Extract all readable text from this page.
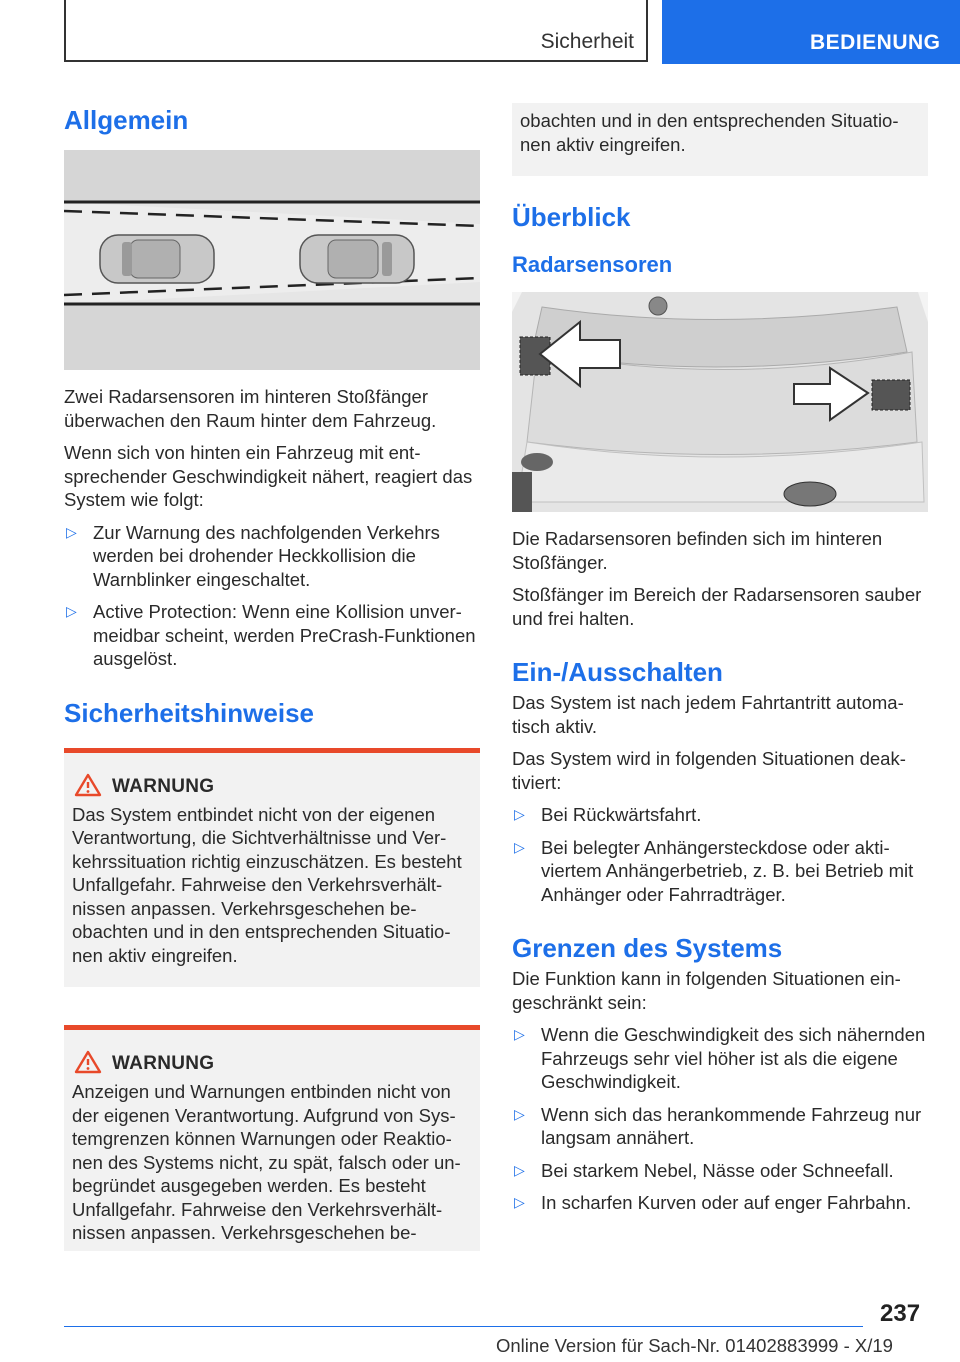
Sicherheit	BEDIENUNG
Allgemein

Zwei Radarsensoren im hinteren Stoßfänger überwachen den Raum hinter dem Fahrzeug.

Wenn sich von hinten ein Fahrzeug mit entsprechender Geschwindigkeit nähert, reagiert das System wie folgt:

▷ Zur Warnung des nachfolgenden Verkehrs werden bei drohender Heckkollision die Warnblinker eingeschaltet.
▷ Active Protection: Wenn eine Kollision unvermeidbar scheint, werden PreCrash-Funktionen ausgelöst.
Sicherheitshinweise
WARNUNG

Das System entbindet nicht von der eigenen Verantwortung, die Sichtverhältnisse und Verkehrssituation richtig einzuschätzen. Es besteht Unfallgefahr. Fahrweise den Verkehrsverhältnissen anpassen. Verkehrsgeschehen beobachten und in den entsprechenden Situationen aktiv eingreifen.

WARNUNG

Anzeigen und Warnungen entbinden nicht von der eigenen Verantwortung. Aufgrund von Systemgrenzen können Warnungen oder Reaktionen des Systems nicht, zu spät, falsch oder unbegründet ausgegeben werden. Es besteht Unfallgefahr. Fahrweise den Verkehrsverhältnissen anpassen. Verkehrsgeschehen be-

obachten und in den entsprechenden Situationen aktiv eingreifen.

Überblick
Radarsensoren

Die Radarsensoren befinden sich im hinteren Stoßfänger.

Stoßfänger im Bereich der Radarsensoren sauber und frei halten.

Ein-/Ausschalten

Das System ist nach jedem Fahrtantritt automatisch aktiv.

Das System wird in folgenden Situationen deaktiviert:

▷ Bei Rückwärtsfahrt.
▷ Bei belegter Anhängersteckdose oder aktiviertem Anhängerbetrieb, z. B. bei Betrieb mit Anhänger oder Fahrradträger.
Grenzen des Systems

Die Funktion kann in folgenden Situationen eingeschränkt sein:

▷ Wenn die Geschwindigkeit des sich nähernden Fahrzeugs sehr viel höher ist als die eigene Geschwindigkeit.
▷ Wenn sich das herankommende Fahrzeug nur langsam annähert.
▷ Bei starkem Nebel, Nässe oder Schneefall.
▷ In scharfen Kurven oder auf enger Fahrbahn.
237
Online Version für Sach-Nr. 01402883999 - X/19
